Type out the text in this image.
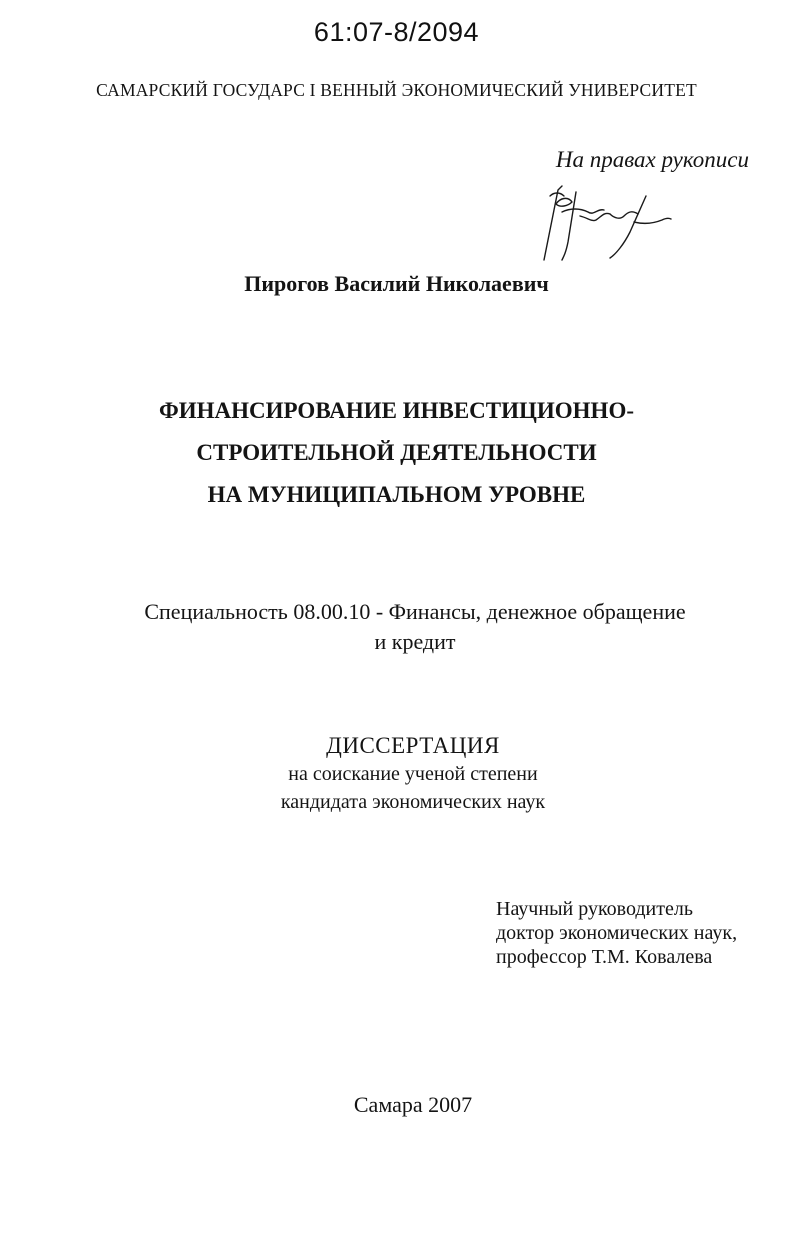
61:07-8/2094
САМАРСКИЙ ГОСУДАРС I ВЕННЫЙ ЭКОНОМИЧЕСКИЙ УНИВЕРСИТЕТ
На правах рукописи
Пирогов Василий Николаевич
ФИНАНСИРОВАНИЕ ИНВЕСТИЦИОННО-
СТРОИТЕЛЬНОЙ ДЕЯТЕЛЬНОСТИ
НА МУНИЦИПАЛЬНОМ УРОВНЕ
Специальность 08.00.10 - Финансы, денежное обращение
и кредит
ДИССЕРТАЦИЯ
на соискание ученой степени
кандидата экономических наук
Научный руководитель
доктор экономических наук,
профессор Т.М. Ковалева
Самара 2007
